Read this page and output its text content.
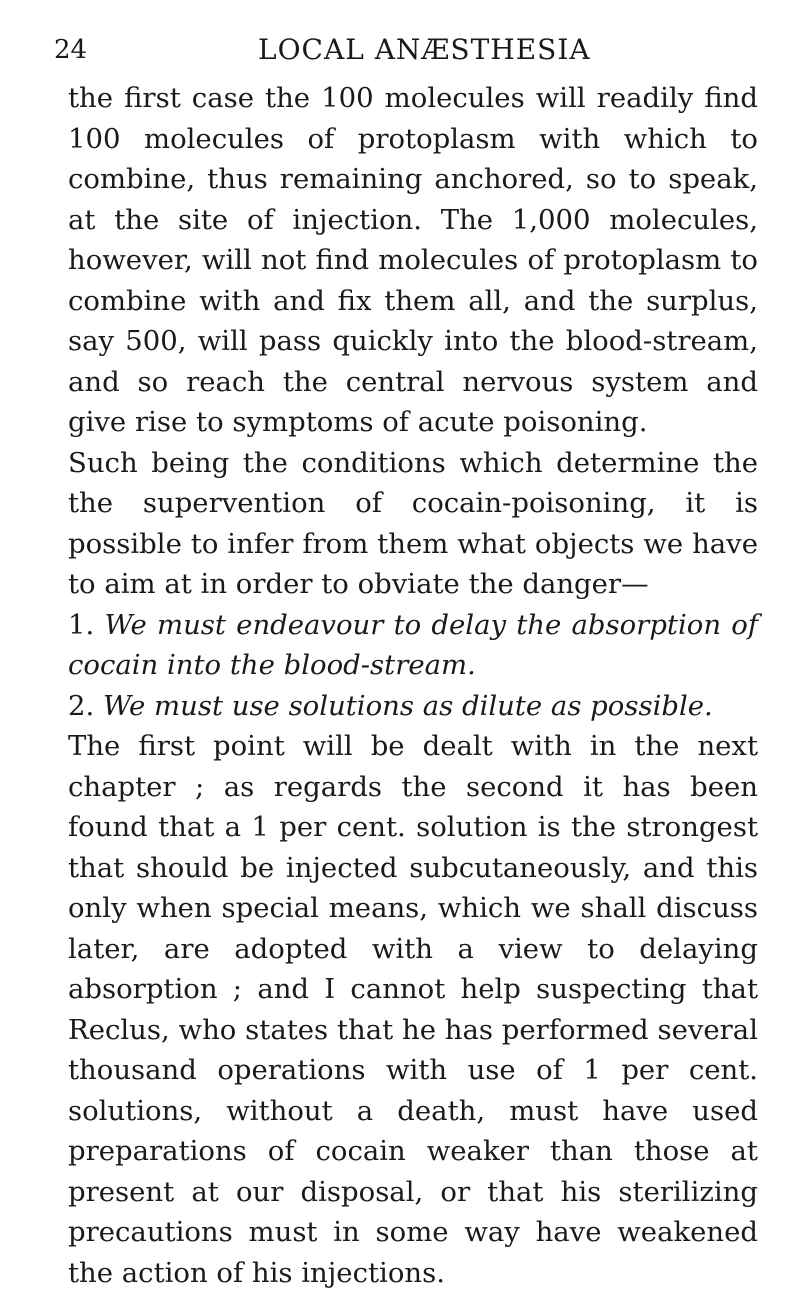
24	LOCAL ANÆSTHESIA

the first case the 100 molecules will readily find 100 molecules of protoplasm with which to combine, thus remaining anchored, so to speak, at the site of injection. The 1,000 molecules, however, will not find molecules of protoplasm to combine with and fix them all, and the surplus, say 500, will pass quickly into the blood-stream, and so reach the central nervous system and give rise to symptoms of acute poisoning.

Such being the conditions which determine the the supervention of cocain-poisoning, it is possible to infer from them what objects we have to aim at in order to obviate the danger—

1. We must endeavour to delay the absorption of cocain into the blood-stream.

2. We must use solutions as dilute as possible.

The first point will be dealt with in the next chapter ; as regards the second it has been found that a 1 per cent. solution is the strongest that should be injected subcutaneously, and this only when special means, which we shall discuss later, are adopted with a view to delaying absorption ; and I cannot help suspecting that Reclus, who states that he has performed several thousand operations with use of 1 per cent. solutions, without a death, must have used preparations of cocain weaker than those at present at our disposal, or that his sterilizing precautions must in some way have weakened the action of his injections.
